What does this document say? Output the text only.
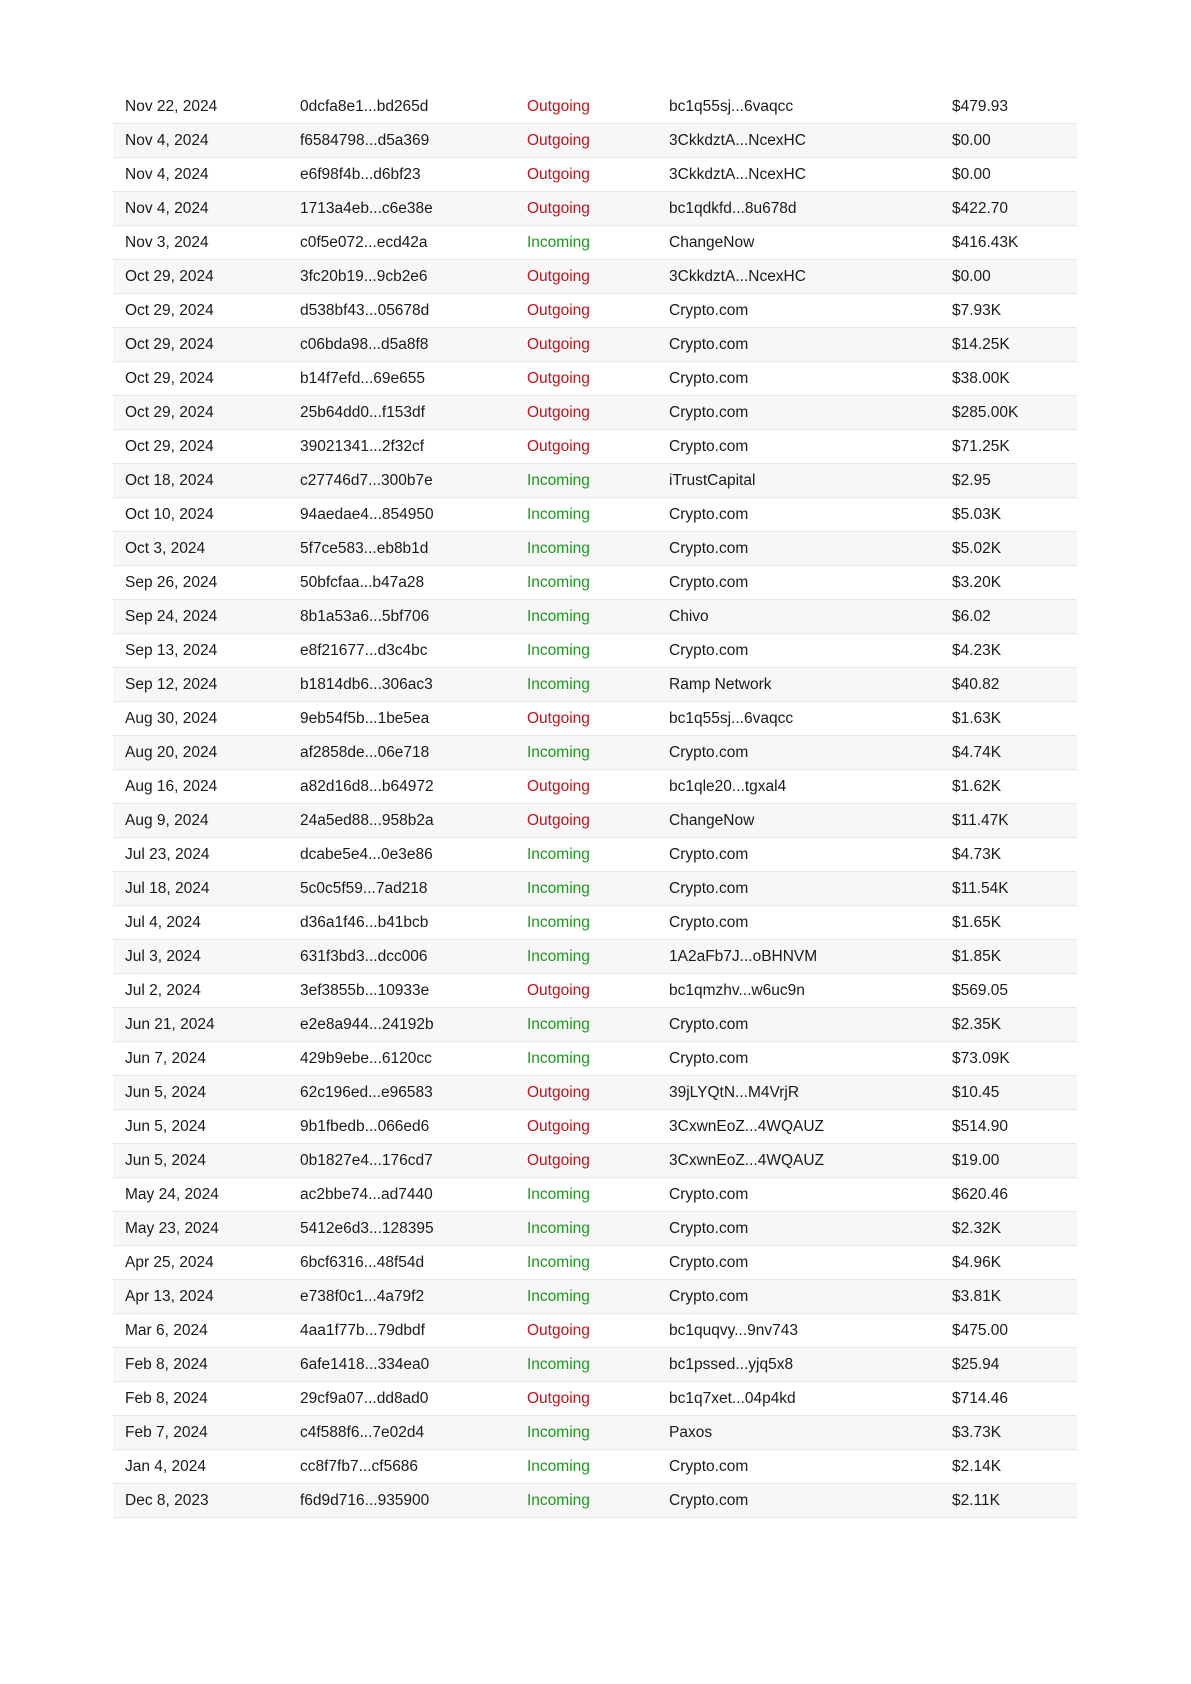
Nov 22, 2024	0dcfa8e1...bd265d	Outgoing	bc1q55sj...6vaqcc	$479.93
Nov 4, 2024	f6584798...d5a369	Outgoing	3CkkdztA...NcexHC	$0.00
Nov 4, 2024	e6f98f4b...d6bf23	Outgoing	3CkkdztA...NcexHC	$0.00
Nov 4, 2024	1713a4eb...c6e38e	Outgoing	bc1qdkfd...8u678d	$422.70
Nov 3, 2024	c0f5e072...ecd42a	Incoming	ChangeNow	$416.43K
Oct 29, 2024	3fc20b19...9cb2e6	Outgoing	3CkkdztA...NcexHC	$0.00
Oct 29, 2024	d538bf43...05678d	Outgoing	Crypto.com	$7.93K
Oct 29, 2024	c06bda98...d5a8f8	Outgoing	Crypto.com	$14.25K
Oct 29, 2024	b14f7efd...69e655	Outgoing	Crypto.com	$38.00K
Oct 29, 2024	25b64dd0...f153df	Outgoing	Crypto.com	$285.00K
Oct 29, 2024	39021341...2f32cf	Outgoing	Crypto.com	$71.25K
Oct 18, 2024	c27746d7...300b7e	Incoming	iTrustCapital	$2.95
Oct 10, 2024	94aedae4...854950	Incoming	Crypto.com	$5.03K
Oct 3, 2024	5f7ce583...eb8b1d	Incoming	Crypto.com	$5.02K
Sep 26, 2024	50bfcfaa...b47a28	Incoming	Crypto.com	$3.20K
Sep 24, 2024	8b1a53a6...5bf706	Incoming	Chivo	$6.02
Sep 13, 2024	e8f21677...d3c4bc	Incoming	Crypto.com	$4.23K
Sep 12, 2024	b1814db6...306ac3	Incoming	Ramp Network	$40.82
Aug 30, 2024	9eb54f5b...1be5ea	Outgoing	bc1q55sj...6vaqcc	$1.63K
Aug 20, 2024	af2858de...06e718	Incoming	Crypto.com	$4.74K
Aug 16, 2024	a82d16d8...b64972	Outgoing	bc1qle20...tgxal4	$1.62K
Aug 9, 2024	24a5ed88...958b2a	Outgoing	ChangeNow	$11.47K
Jul 23, 2024	dcabe5e4...0e3e86	Incoming	Crypto.com	$4.73K
Jul 18, 2024	5c0c5f59...7ad218	Incoming	Crypto.com	$11.54K
Jul 4, 2024	d36a1f46...b41bcb	Incoming	Crypto.com	$1.65K
Jul 3, 2024	631f3bd3...dcc006	Incoming	1A2aFb7J...oBHNVM	$1.85K
Jul 2, 2024	3ef3855b...10933e	Outgoing	bc1qmzhv...w6uc9n	$569.05
Jun 21, 2024	e2e8a944...24192b	Incoming	Crypto.com	$2.35K
Jun 7, 2024	429b9ebe...6120cc	Incoming	Crypto.com	$73.09K
Jun 5, 2024	62c196ed...e96583	Outgoing	39jLYQtN...M4VrjR	$10.45
Jun 5, 2024	9b1fbedb...066ed6	Outgoing	3CxwnEoZ...4WQAUZ	$514.90
Jun 5, 2024	0b1827e4...176cd7	Outgoing	3CxwnEoZ...4WQAUZ	$19.00
May 24, 2024	ac2bbe74...ad7440	Incoming	Crypto.com	$620.46
May 23, 2024	5412e6d3...128395	Incoming	Crypto.com	$2.32K
Apr 25, 2024	6bcf6316...48f54d	Incoming	Crypto.com	$4.96K
Apr 13, 2024	e738f0c1...4a79f2	Incoming	Crypto.com	$3.81K
Mar 6, 2024	4aa1f77b...79dbdf	Outgoing	bc1quqvy...9nv743	$475.00
Feb 8, 2024	6afe1418...334ea0	Incoming	bc1pssed...yjq5x8	$25.94
Feb 8, 2024	29cf9a07...dd8ad0	Outgoing	bc1q7xet...04p4kd	$714.46
Feb 7, 2024	c4f588f6...7e02d4	Incoming	Paxos	$3.73K
Jan 4, 2024	cc8f7fb7...cf5686	Incoming	Crypto.com	$2.14K
Dec 8, 2023	f6d9d716...935900	Incoming	Crypto.com	$2.11K
